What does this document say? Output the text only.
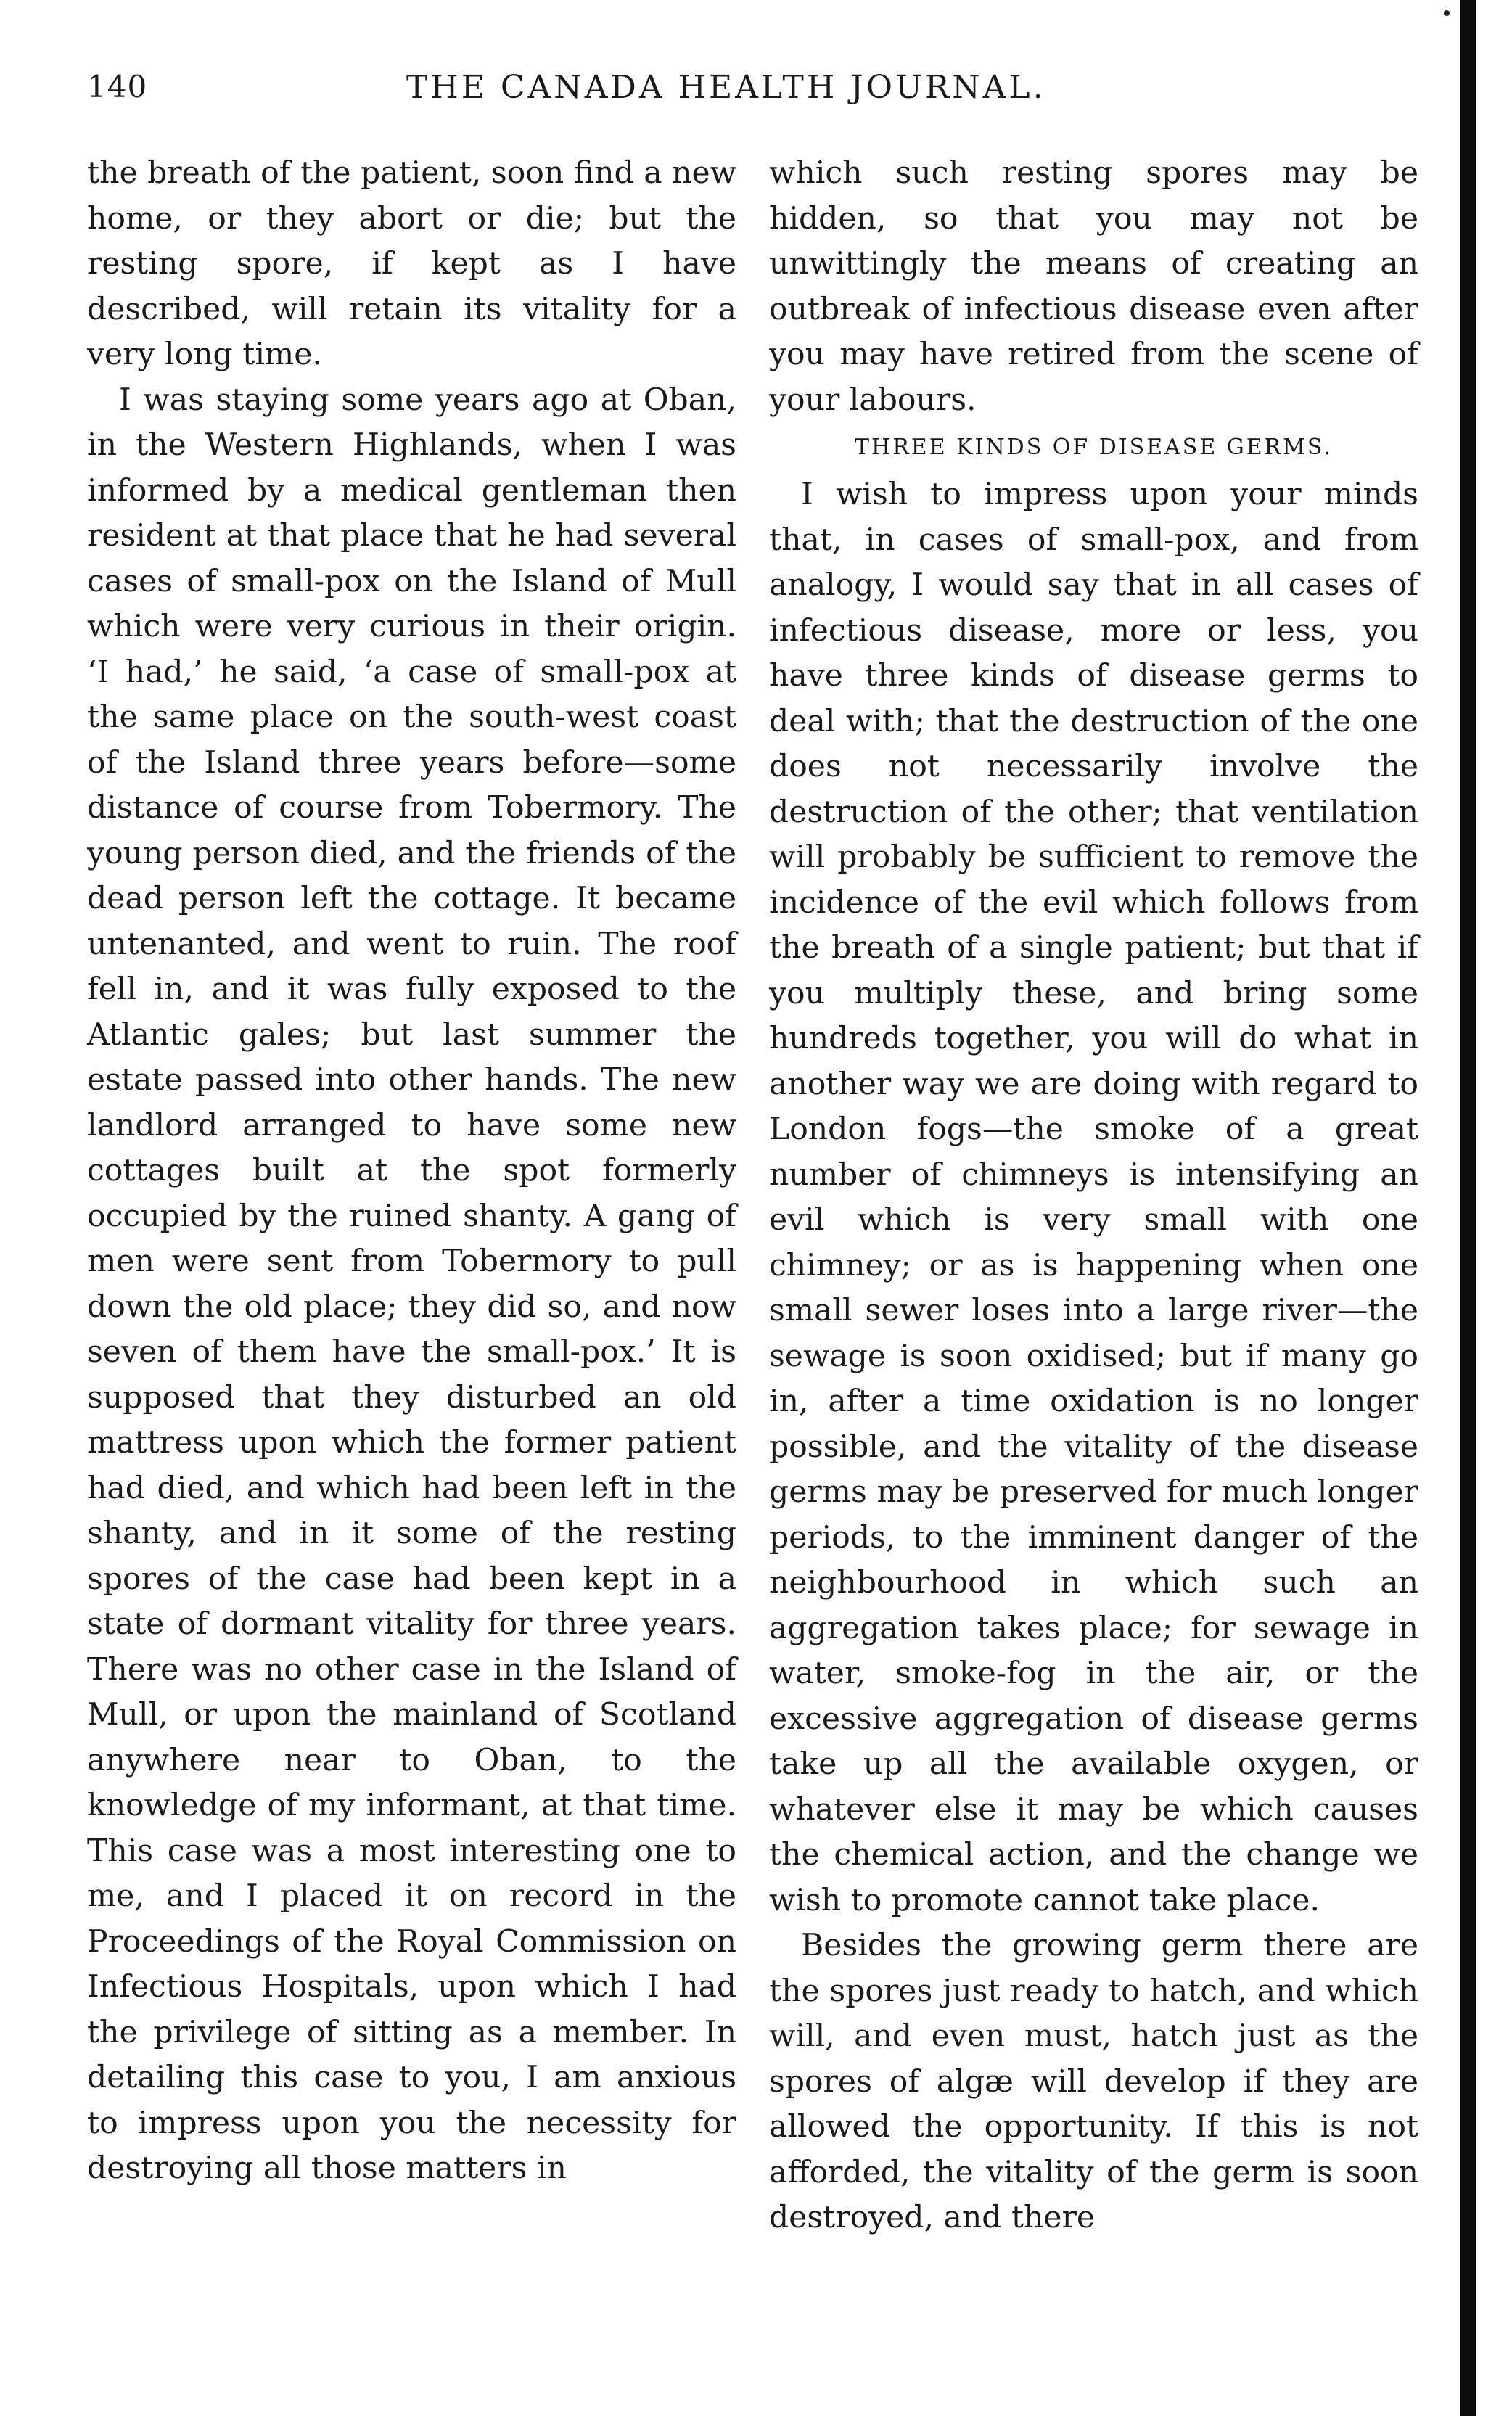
140	THE CANADA HEALTH JOURNAL.

the breath of the patient, soon find a new home, or they abort or die; but the resting spore, if kept as I have described, will retain its vitality for a very long time.

I was staying some years ago at Oban, in the Western Highlands, when I was informed by a medical gentleman then resident at that place that he had several cases of small-pox on the Island of Mull which were very curious in their origin. ‘I had,’ he said, ‘a case of small-pox at the same place on the south-west coast of the Island three years before—some distance of course from Tobermory. The young person died, and the friends of the dead person left the cottage. It became untenanted, and went to ruin. The roof fell in, and it was fully exposed to the Atlantic gales; but last summer the estate passed into other hands. The new landlord arranged to have some new cottages built at the spot formerly occupied by the ruined shanty. A gang of men were sent from Tobermory to pull down the old place; they did so, and now seven of them have the small-pox.’ It is supposed that they disturbed an old mattress upon which the former patient had died, and which had been left in the shanty, and in it some of the resting spores of the case had been kept in a state of dormant vitality for three years. There was no other case in the Island of Mull, or upon the mainland of Scotland anywhere near to Oban, to the knowledge of my informant, at that time. This case was a most interesting one to me, and I placed it on record in the Proceedings of the Royal Commission on Infectious Hospitals, upon which I had the privilege of sitting as a member. In detailing this case to you, I am anxious to impress upon you the necessity for destroying all those matters in

which such resting spores may be hidden, so that you may not be unwittingly the means of creating an outbreak of infectious disease even after you may have retired from the scene of your labours.

THREE KINDS OF DISEASE GERMS.

I wish to impress upon your minds that, in cases of small-pox, and from analogy, I would say that in all cases of infectious disease, more or less, you have three kinds of disease germs to deal with; that the destruction of the one does not necessarily involve the destruction of the other; that ventilation will probably be sufficient to remove the incidence of the evil which follows from the breath of a single patient; but that if you multiply these, and bring some hundreds together, you will do what in another way we are doing with regard to London fogs—the smoke of a great number of chimneys is intensifying an evil which is very small with one chimney; or as is happening when one small sewer loses into a large river—the sewage is soon oxidised; but if many go in, after a time oxidation is no longer possible, and the vitality of the disease germs may be preserved for much longer periods, to the imminent danger of the neighbourhood in which such an aggregation takes place; for sewage in water, smoke-fog in the air, or the excessive aggregation of disease germs take up all the available oxygen, or whatever else it may be which causes the chemical action, and the change we wish to promote cannot take place.

Besides the growing germ there are the spores just ready to hatch, and which will, and even must, hatch just as the spores of algæ will develop if they are allowed the opportunity. If this is not afforded, the vitality of the germ is soon destroyed, and there
